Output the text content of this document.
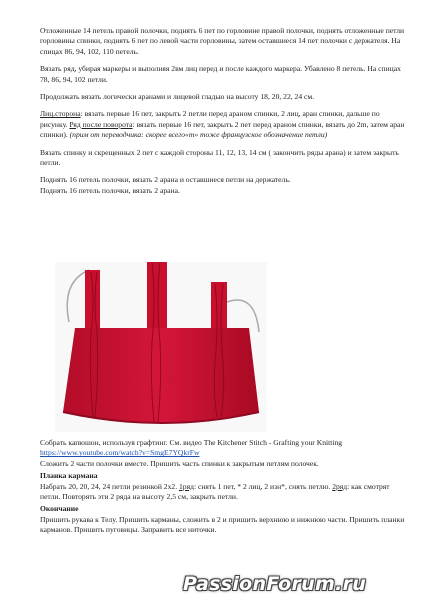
Отложенные 14 петель правой полочки, поднять 6 пет по горловине правой полочки, поднять отложенные петли горловины спинки, поднять 6 пет по левой части горловины, затем оставшиеся 14 пет полочки с держателя. На спицах 86, 94, 102, 110 петель.

Вязать ряд, убирая маркеры и выполняя 2вм лиц перед и после каждого маркера. Убавлено 8 петель. На спицах 78, 86, 94, 102 петли.

Продолжать вязать логически аранами и лицевой гладью на высоту 18, 20, 22, 24 см.

Лиц.сторона: вязать первые 16 пет, закрыть 2 петли перед араном спинки, 2 лиц, аран спинки, дальше по рисунку. Ряд после поворота: вязать первые 16 пет, закрыть 2 пет перед араном спинки, вязать до 2m, затем аран спинки). (прим от переводчика: скорее всего«m» тоже французское обозначение петли)

Вязать спинку и скрещенных 2 пет с каждой стороны 11, 12, 13, 14 см ( закончить ряды арана) и затем закрыть петли.

Поднять 16 петель полочки, вязать 2 арана и оставшиеся петли на держатель.

Поднять 16 петель полочки, вязать 2 арана.

Собрать капюшон, используя графтинг. См. видео The Kitchener Stitch - Grafting your Knitting https://www.youtube.com/watch?v=SmgE7YQkrFw

Сложить 2 части полочки вместе. Пришить часть спинки к закрытым петлям полочек.

Планка кармана

Набрать 20, 20, 24, 24 петли резинкой 2х2. 1ряд: снять 1 пет, * 2 лиц, 2 изн*, снять петлю. 2ряд: как смотрят петли. Повторять эти 2 ряда на высоту 2,5 см, закрыть петли.

Окончание

Пришить рукава к Телу. Пришить карманы, сложить в 2 и пришить верхнюю и нижнюю части. Пришить планки карманов. Пришить пуговицы. Заправить все ниточки.

PassionForum.ru
